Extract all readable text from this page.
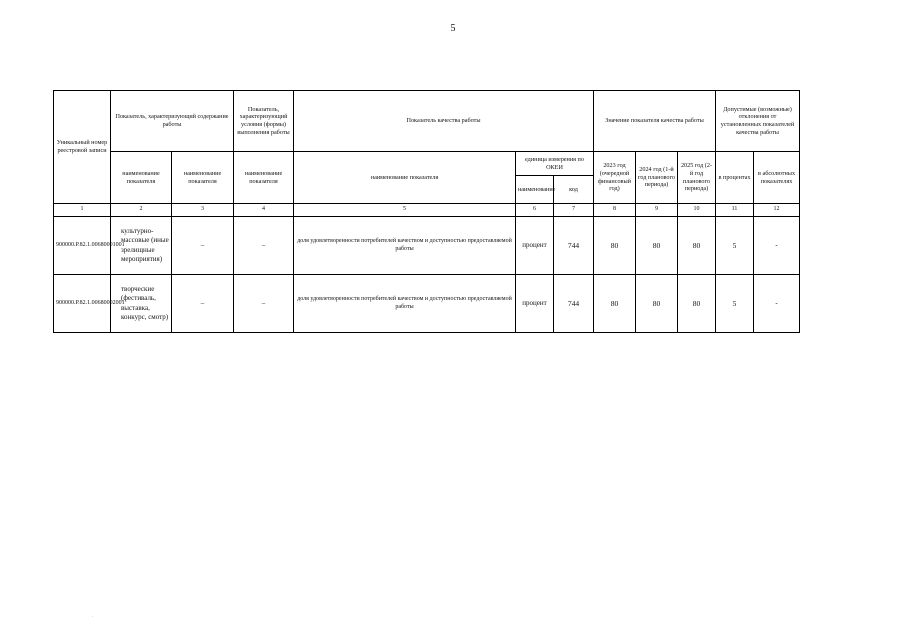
5
Уникальный номер реестровой записи	Показатель, характеризующий содержание работы		Показатель, характеризующий условия (формы) выполнения работы	Показатель качества работы			Значение показателя качества работы			Допустимые (возможные) отклонения от установленных показателей качества работы	
	наименование показателя	наименование показателя	наименование показателя	наименование показателя	единица измерения по ОКЕИ		2023 год (очередной финансовый год)	2024 год (1-й год планового периода)	2025 год (2-й год планового периода)	в процентах	в абсолютных показателях
					наименование	код					
1	2	3	4	5	6	7	8	9	10	11	12
900000.Р.82.1.00680001001	культурно-массовые (иные зрелищные мероприятия)	–	–	доля удовлетворенности потребителей качеством и доступностью предоставляемой работы	процент	744	80	80	80	5	-
900000.Р.82.1.00680002001	творческие (фестиваль, выставка, конкурс, смотр)	–	–	доля удовлетворенности потребителей качеством и доступностью предоставляемой работы	процент	744	80	80	80	5	-
.
